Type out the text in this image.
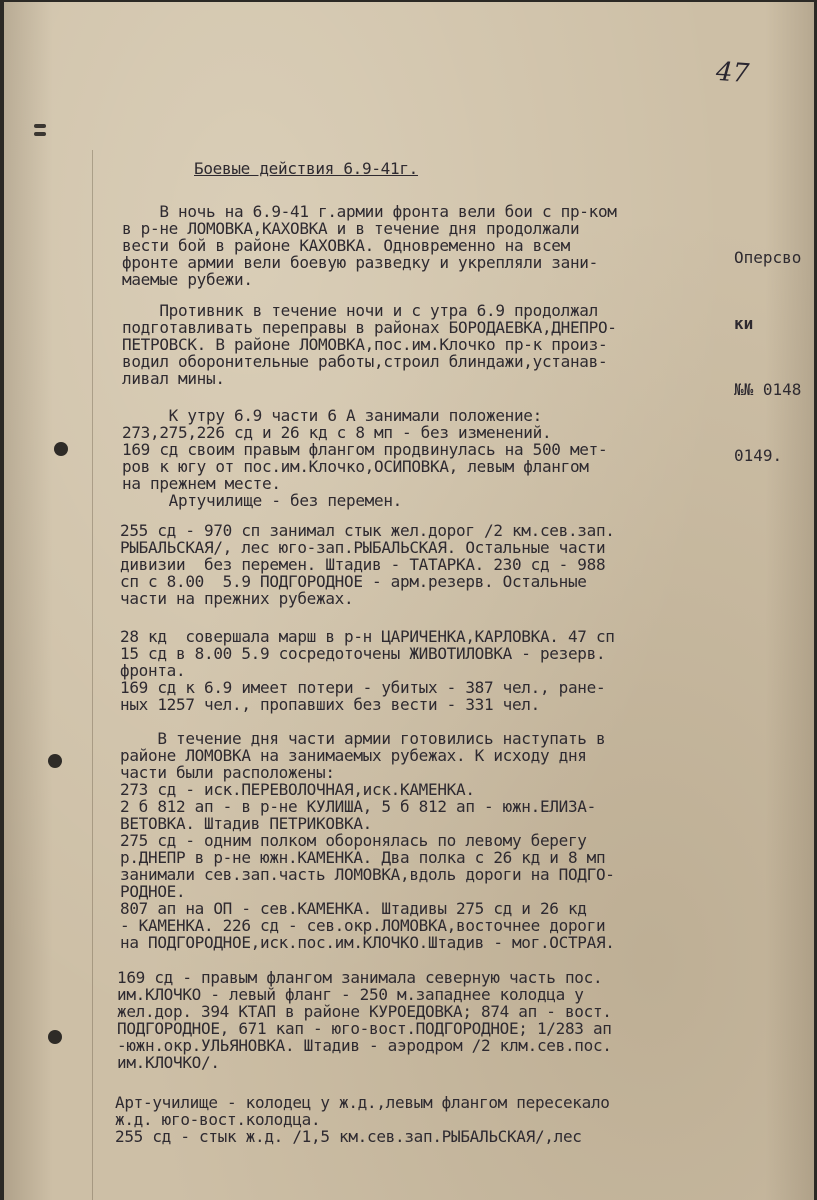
47

Оперсво

ки

№№ 0148

0149.

Боевые действия 6.9-41г.

В ночь на 6.9-41 г.армии фронта вели бои с пр-ком
в р-не ЛОМОВКА,КАХОВКА и в течение дня продолжали
вести бой в районе КАХОВКА. Одновременно на всем
фронте армии вели боевую разведку и укрепляли зани-
маемые рубежи.
Противник в течение ночи и с утра 6.9 продолжал
подготавливать переправы в районах БОРОДАЕВКА,ДНЕПРО-
ПЕТРОВСК. В районе ЛОМОВКА,пос.им.Клочко пр-к произ-
водил оборонительные работы,строил блиндажи,устанав-
ливал мины.
К утру 6.9 части 6 А занимали положение:
273,275,226 сд и 26 кд с 8 мп - без изменений.
169 сд своим правым флангом продвинулась на 500 мет-
ров к югу от пос.им.Клочко,ОСИПОВКА, левым флангом
на прежнем месте.
Артучилище - без перемен.
255 сд - 970 сп занимал стык жел.дорог /2 км.сев.зап.
РЫБАЛЬСКАЯ/, лес юго-зап.РЫБАЛЬСКАЯ. Остальные части
дивизии  без перемен. Штадив - ТАТАРКА. 230 сд - 988
сп с 8.00  5.9 ПОДГОРОДНОЕ - арм.резерв. Остальные
части на прежних рубежах.
28 кд  совершала марш в р-н ЦАРИЧЕНКА,КАРЛОВКА. 47 сп
15 сд в 8.00 5.9 сосредоточены ЖИВОТИЛОВКА - резерв.
фронта.
169 сд к 6.9 имеет потери - убитых - 387 чел., ране-
ных 1257 чел., пропавших без вести - 331 чел.
В течение дня части армии готовились наступать в
районе ЛОМОВКА на занимаемых рубежах. К исходу дня
части были расположены:
273 сд - иск.ПЕРЕВОЛОЧНАЯ,иск.КАМЕНКА.
2 б 812 ап - в р-не КУЛИША, 5 б 812 ап - южн.ЕЛИЗА-
ВЕТОВКА. Штадив ПЕТРИКОВКА.
275 сд - одним полком оборонялась по левому берегу
р.ДНЕПР в р-не южн.КАМЕНКА. Два полка с 26 кд и 8 мп
занимали сев.зап.часть ЛОМОВКА,вдоль дороги на ПОДГО-
РОДНОЕ.
807 ап на ОП - сев.КАМЕНКА. Штадивы 275 сд и 26 кд
- КАМЕНКА. 226 сд - сев.окр.ЛОМОВКА,восточнее дороги
на ПОДГОРОДНОЕ,иск.пос.им.КЛОЧКО.Штадив - мог.ОСТРАЯ.
169 сд - правым флангом занимала северную часть пос.
им.КЛОЧКО - левый фланг - 250 м.западнее колодца у
жел.дор. 394 КТАП в районе КУРОЕДОВКА; 874 ап - вост.
ПОДГОРОДНОЕ, 671 кап - юго-вост.ПОДГОРОДНОЕ; 1/283 ап
-южн.окр.УЛЬЯНОВКА. Штадив - аэродром /2 клм.сев.пос.
им.КЛОЧКО/.
Арт-училище - колодец у ж.д.,левым флангом пересекало
ж.д. юго-вост.колодца.
255 сд - стык ж.д. /1,5 км.сев.зап.РЫБАЛЬСКАЯ/,лес
